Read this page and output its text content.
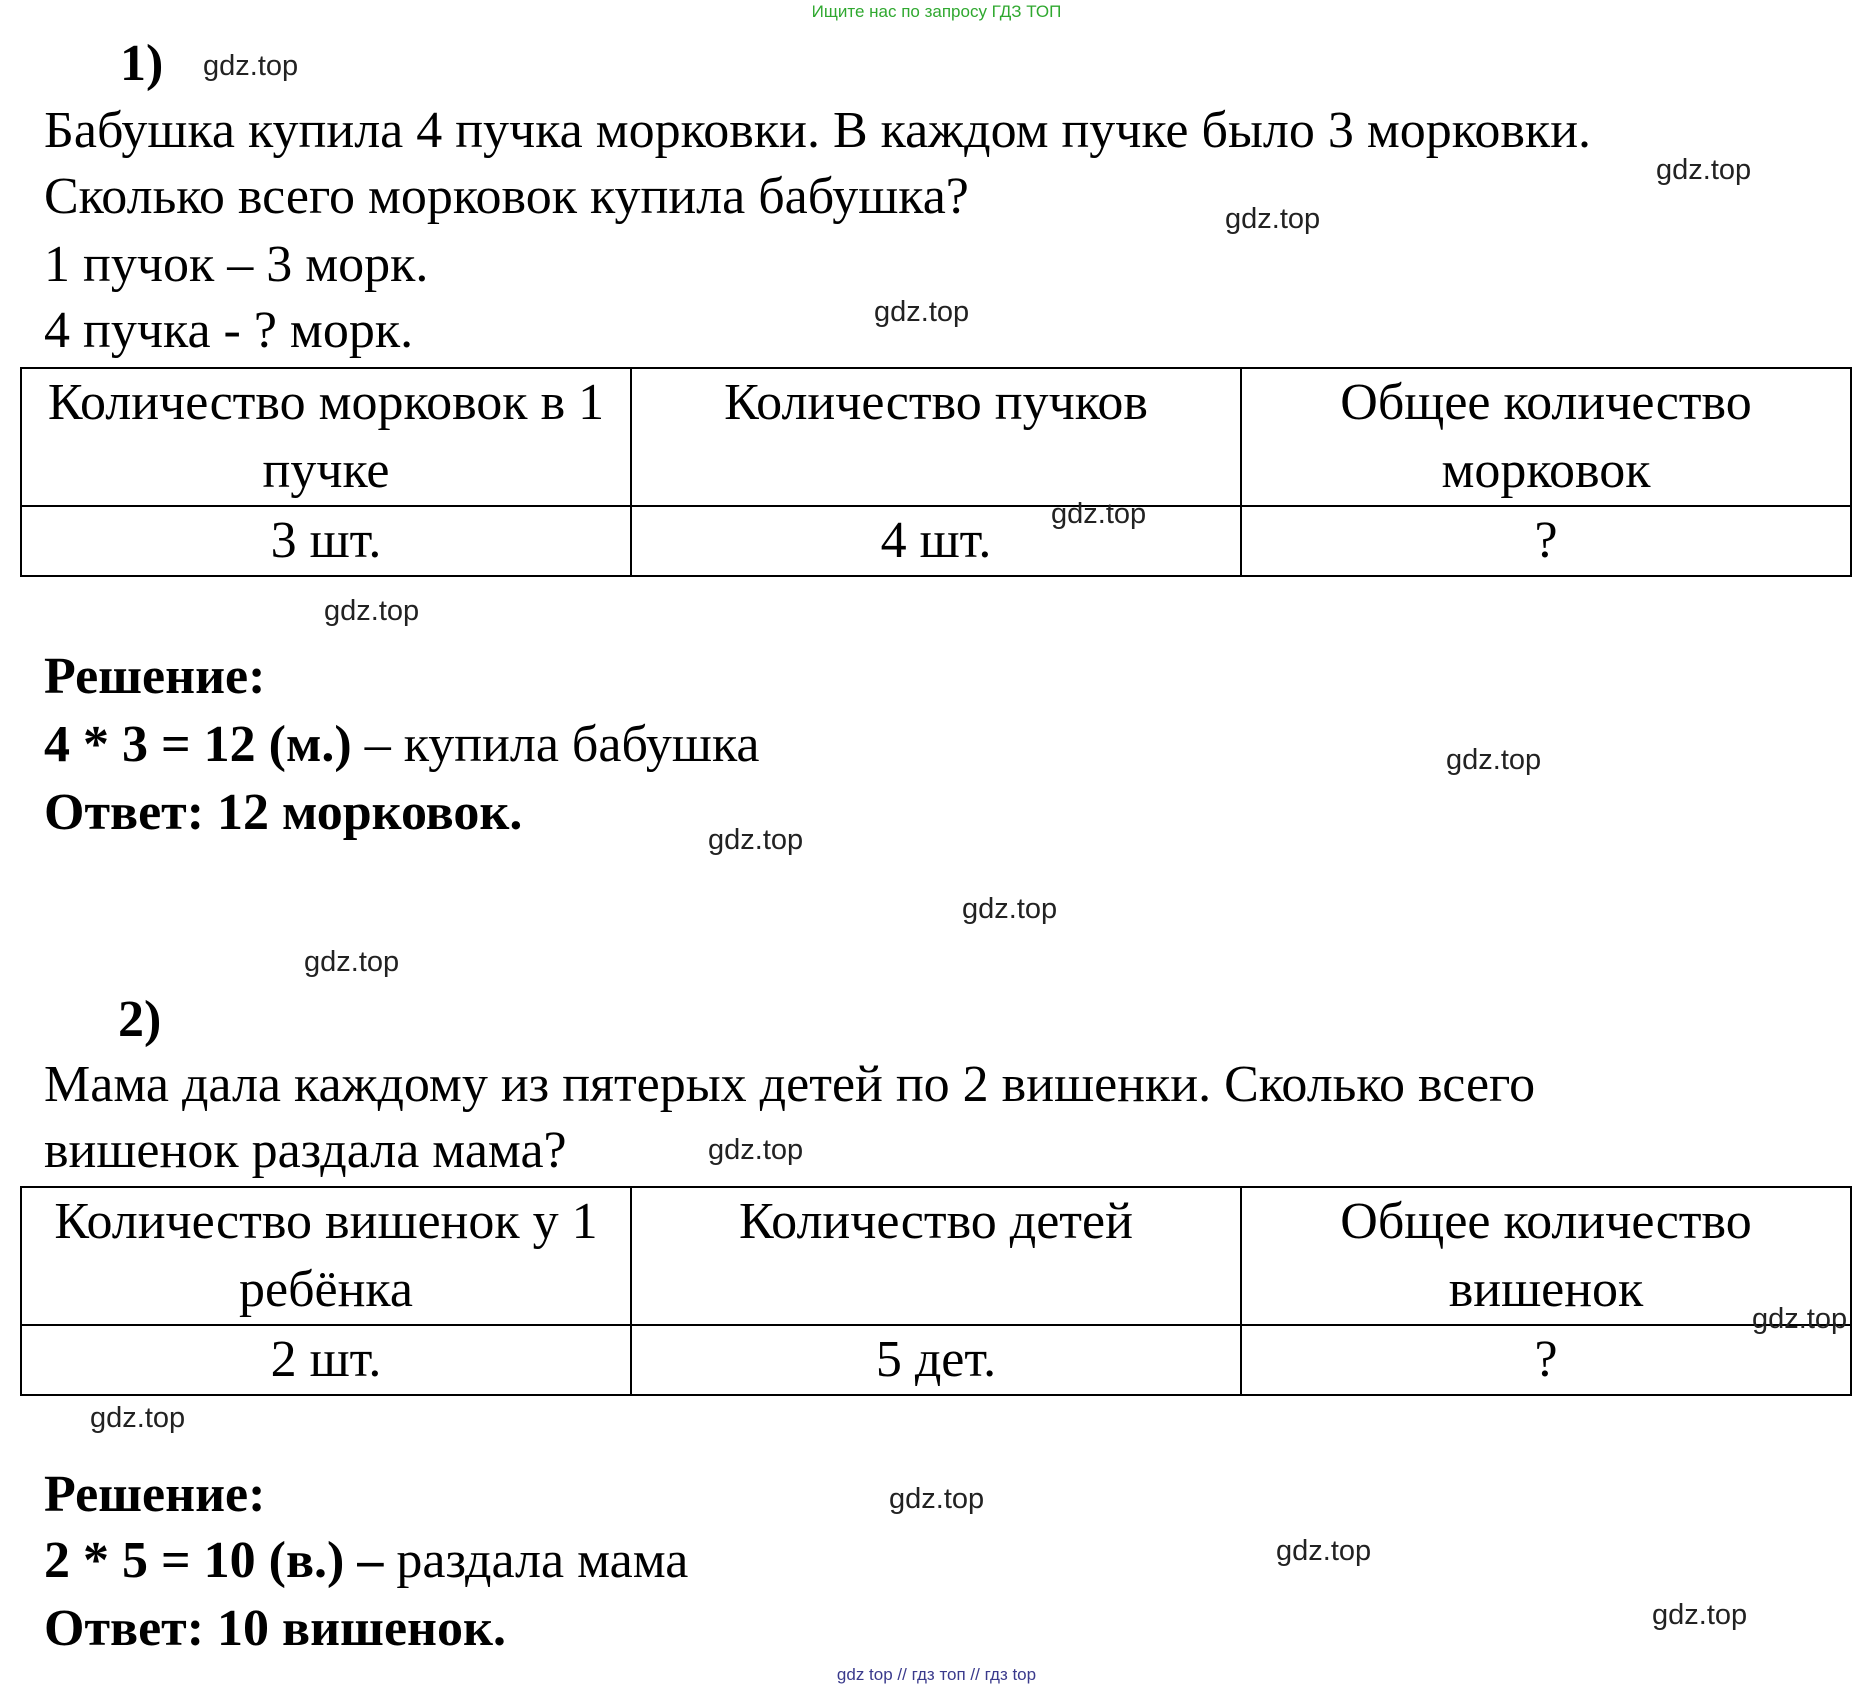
Ищите нас по запросу ГДЗ ТОП
gdz top // гдз топ // гдз top
1)
Бабушка купила 4 пучка морковки. В каждом пучке было 3 морковки.
Сколько всего морковок купила бабушка?
1 пучок – 3 морк.
4 пучка - ? морк.
Количество морковок в 1 пучке	Количество пучков	Общее количество морковок
3 шт.	4 шт.	?
Решение:
4 * 3 = 12 (м.) – купила бабушка
Ответ: 12 морковок.
2)
Мама дала каждому из пятерых детей по 2 вишенки. Сколько всего
вишенок раздала мама?
Количество вишенок у 1 ребёнка	Количество детей	Общее количество вишенок
2 шт.	5 дет.	?
Решение:
2 * 5 = 10 (в.) – раздала мама
Ответ: 10 вишенок.
gdz.top
gdz.top
gdz.top
gdz.top
gdz.top
gdz.top
gdz.top
gdz.top
gdz.top
gdz.top
gdz.top
gdz.top
gdz.top
gdz.top
gdz.top
gdz.top
